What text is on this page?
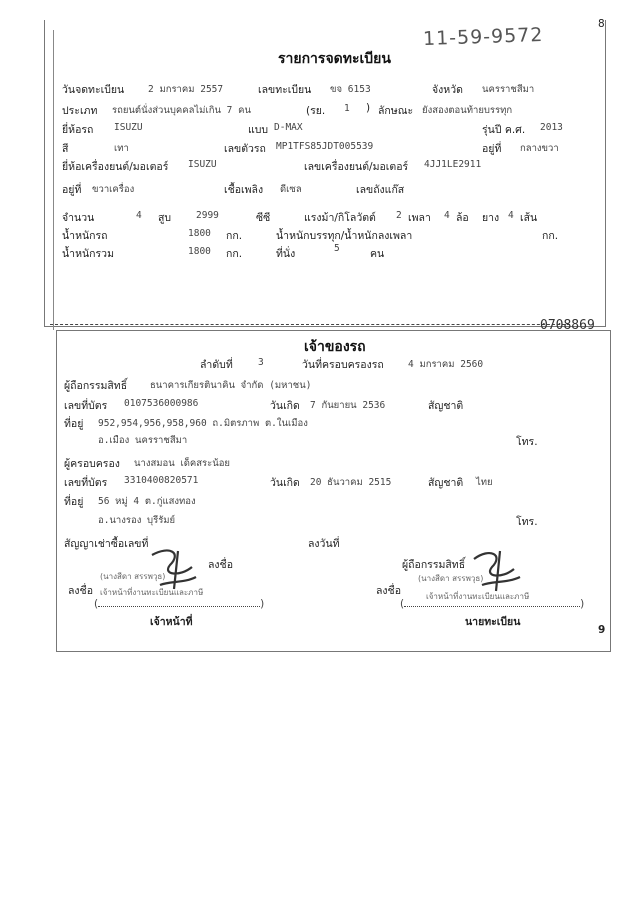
8
11-59-9572
0708869
9
รายการจดทะเบียน
วันจดทะเบียน	2 มกราคม 2557	เลขทะเบียน ขจ 6153	จังหวัด นครราชสีมา
ประเภท รถยนต์นั่งส่วนบุคคลไม่เกิน 7 คน	(รย. 1 ) ลักษณะ ยังสองตอนท้ายบรรทุก
ยี่ห้อรถ ISUZU	แบบ D-MAX	รุ่นปี ค.ศ. 2013
สี	เทา	เลขตัวรถ MP1TFS85JDT005539	อยู่ที่ กลางขวา
ยี่ห้อเครื่องยนต์/มอเตอร์ ISUZU	เลขเครื่องยนต์/มอเตอร์ 4JJ1LE2911
อยู่ที่ ขวาเครื่อง	เชื้อเพลิง ดีเซล	เลขถังแก๊ส
จำนวน	4 สูบ	2999	ซีซี	แรงม้า/กิโลวัตต์ 2 เพลา 4 ล้อ ยาง 4 เส้น
น้ำหนักรถ	1800 กก.	น้ำหนักบรรทุก/น้ำหนักลงเพลา	กก.
น้ำหนักรวม	1800 กก.	ที่นั่ง	5	คน
เจ้าของรถ
ลำดับที่	3	วันที่ครอบครองรถ	4 มกราคม 2560
ผู้ถือกรรมสิทธิ์ ธนาคารเกียรตินาคิน จำกัด (มหาชน)
เลขที่บัตร 0107536000986	วันเกิด 7 กันยายน 2536	สัญชาติ
ที่อยู่ 952,954,956,958,960 ถ.มิตรภาพ ต.ในเมือง
อ.เมือง นครราชสีมา	โทร.
ผู้ครอบครอง นางสมอน เด็คสระน้อย
เลขที่บัตร 3310400820571	วันเกิด 20 ธันวาคม 2515	สัญชาติ ไทย
ที่อยู่ 56 หมู่ 4 ต.กู่แสงทอง
อ.นางรอง บุรีรัมย์	โทร.
สัญญาเช่าซื้อเลขที่	ลงวันที่
ลงชื่อ	ผู้ถือกรรมสิทธิ์
(นางสีดา สรรพวุธ)	(นางสีดา สรรพวุธ)
ลงชื่อ	ลงชื่อ
เจ้าหน้าที่งานทะเบียนและภาษี	เจ้าหน้าที่งานทะเบียนและภาษี
(	)	(	)
เจ้าหน้าที่	นายทะเบียน
